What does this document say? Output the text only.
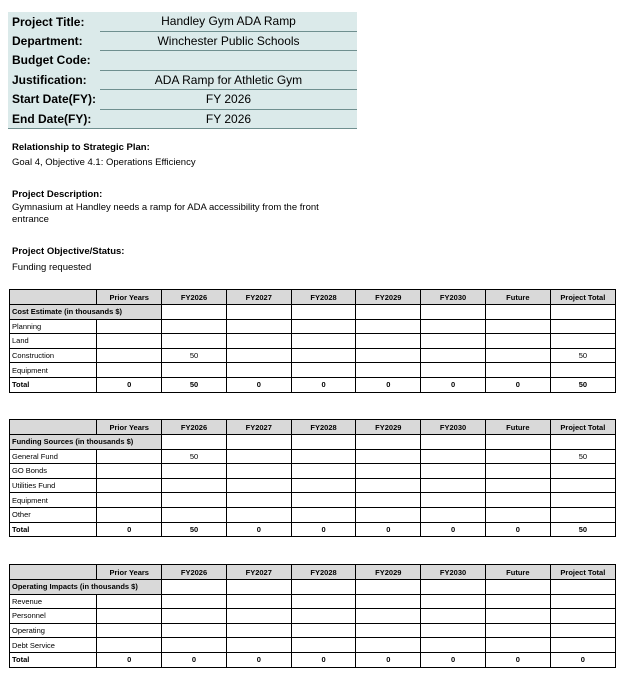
Project Title:	Handley Gym ADA Ramp
Department:	Winchester Public Schools
Budget Code:	
Justification:	ADA Ramp for Athletic Gym
Start Date(FY):	FY 2026
End Date(FY):	FY 2026
Relationship to Strategic Plan:
Goal 4, Objective 4.1: Operations Efficiency
Project Description:
Gymnasium at Handley needs a ramp for ADA accessibility from the front entrance
Project Objective/Status:
Funding requested
	Prior Years	FY2026	FY2027	FY2028	FY2029	FY2030	Future	Project Total
Cost Estimate (in thousands $)								
Planning								
Land								
Construction		50						50
Equipment								
Total	0	50	0	0	0	0	0	50
	Prior Years	FY2026	FY2027	FY2028	FY2029	FY2030	Future	Project Total
Funding Sources (in thousands $)								
General Fund		50						50
GO Bonds								
Utilities Fund								
Equipment								
Other								
Total	0	50	0	0	0	0	0	50
	Prior Years	FY2026	FY2027	FY2028	FY2029	FY2030	Future	Project Total
Operating Impacts (in thousands $)								
Revenue								
Personnel								
Operating								
Debt Service								
Total	0	0	0	0	0	0	0	0
